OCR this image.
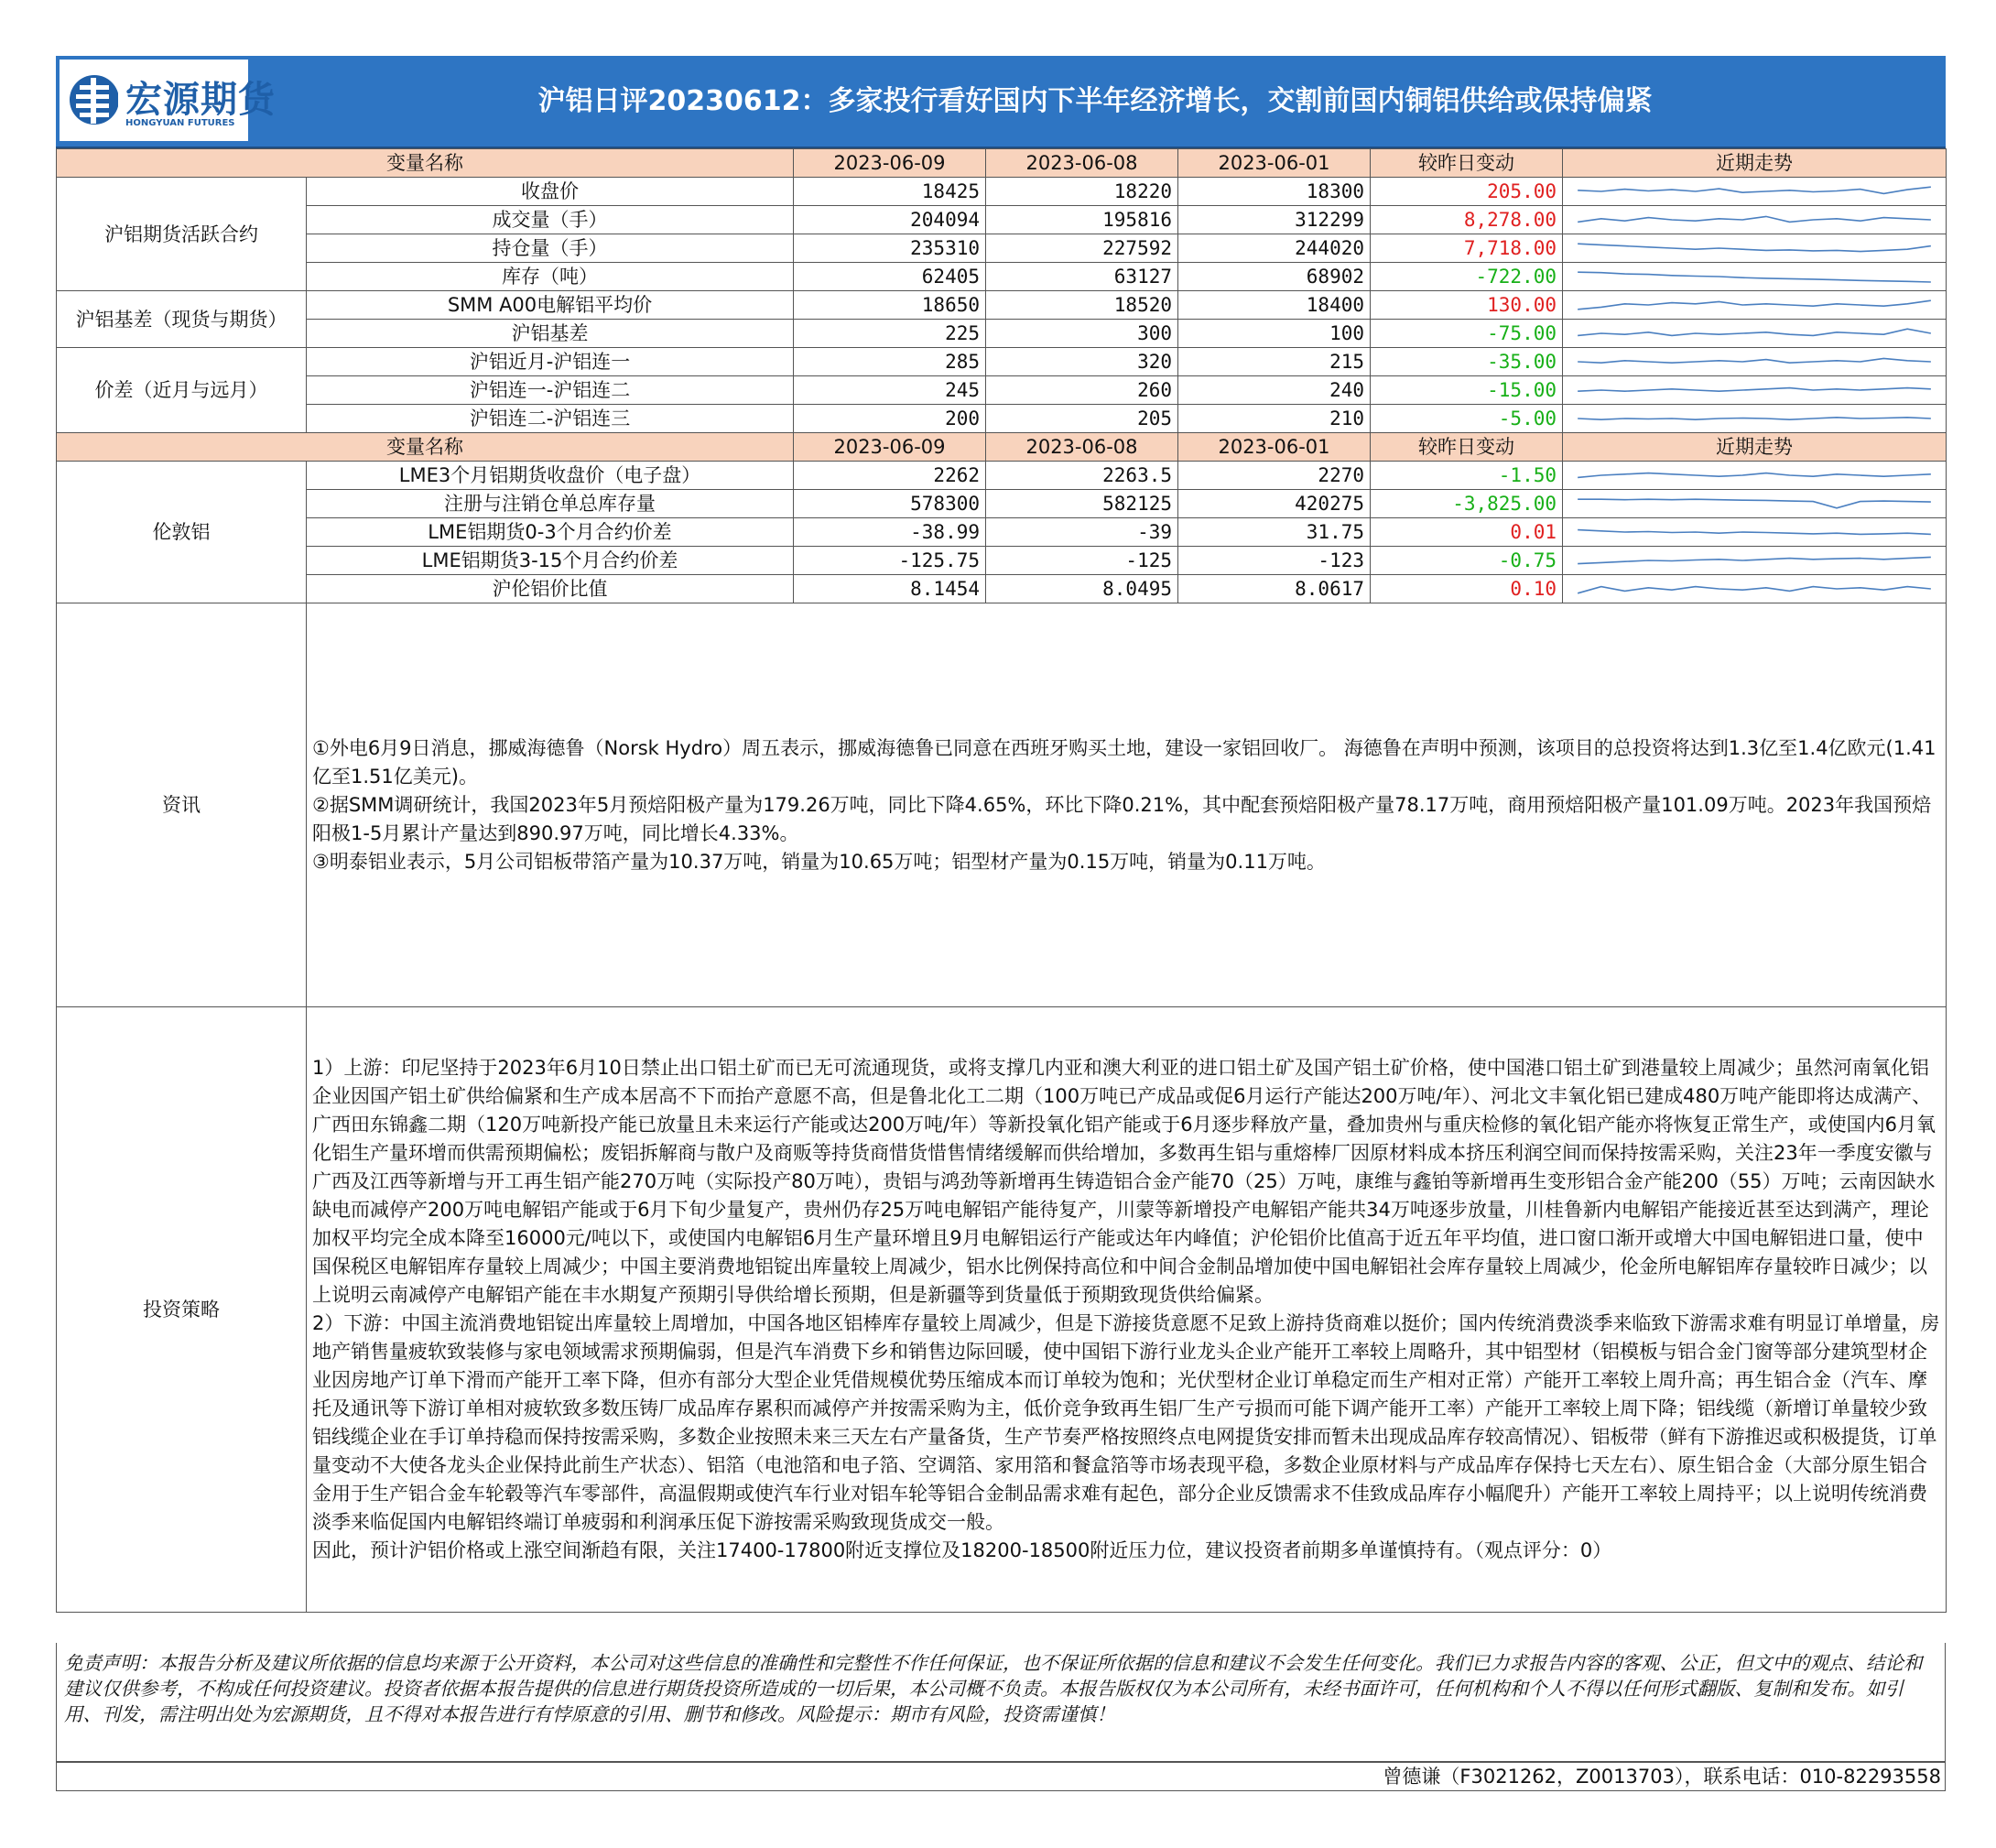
宏源期货
HONGYUAN FUTURES
沪铝日评20230612：多家投行看好国内下半年经济增长，交割前国内铜铝供给或保持偏紧
变量名称		2023-06-09	2023-06-08	2023-06-01	较昨日变动	近期走势
沪铝期货活跃合约	收盘价	18425	18220	18300	205.00	

	成交量（手）	204094	195816	312299	8,278.00	

	持仓量（手）	235310	227592	244020	7,718.00	

	库存（吨）	62405	63127	68902	-722.00	

沪铝基差（现货与期货）	SMM A00电解铝平均价	18650	18520	18400	130.00	

	沪铝基差	225	300	100	-75.00	

价差（近月与远月）	沪铝近月-沪铝连一	285	320	215	-35.00	

	沪铝连一-沪铝连二	245	260	240	-15.00	

	沪铝连二-沪铝连三	200	205	210	-5.00	

变量名称		2023-06-09	2023-06-08	2023-06-01	较昨日变动	近期走势
伦敦铝	LME3个月铝期货收盘价（电子盘）	2262	2263.5	2270	-1.50	

	注册与注销仓单总库存量	578300	582125	420275	-3,825.00	

	LME铝期货0-3个月合约价差	-38.99	-39	31.75	0.01	

	LME铝期货3-15个月合约价差	-125.75	-125	-123	-0.75	

	沪伦铝价比值	8.1454	8.0495	8.0617	0.10	

资讯	①外电6月9日消息，挪威海德鲁（Norsk Hydro）周五表示，挪威海德鲁已同意在西班牙购买土地，建设一家铝回收厂。 海德鲁在声明中预测，该项目的总投资将达到1.3亿至1.4亿欧元(1.41亿至1.51亿美元)。

②据SMM调研统计，我国2023年5月预焙阳极产量为179.26万吨，同比下降4.65%，环比下降0.21%，其中配套预焙阳极产量78.17万吨，商用预焙阳极产量101.09万吨。2023年我国预焙阳极1-5月累计产量达到890.97万吨，同比增长4.33%。

③明泰铝业表示，5月公司铝板带箔产量为10.37万吨，销量为10.65万吨；铝型材产量为0.15万吨，销量为0.11万吨。					

投资策略	1）上游：印尼坚持于2023年6月10日禁止出口铝土矿而已无可流通现货，或将支撑几内亚和澳大利亚的进口铝土矿及国产铝土矿价格，使中国港口铝土矿到港量较上周减少；虽然河南氧化铝企业因国产铝土矿供给偏紧和生产成本居高不下而抬产意愿不高，但是鲁北化工二期（100万吨已产成品或促6月运行产能达200万吨/年）、河北文丰氧化铝已建成480万吨产能即将达成满产、广西田东锦鑫二期（120万吨新投产能已放量且未来运行产能或达200万吨/年）等新投氧化铝产能或于6月逐步释放产量，叠加贵州与重庆检修的氧化铝产能亦将恢复正常生产，或使国内6月氧化铝生产量环增而供需预期偏松；废铝拆解商与散户及商贩等持货商惜货惜售情绪缓解而供给增加，多数再生铝与重熔棒厂因原材料成本挤压利润空间而保持按需采购，关注23年一季度安徽与广西及江西等新增与开工再生铝产能270万吨（实际投产80万吨），贵铝与鸿劲等新增再生铸造铝合金产能70（25）万吨，康维与鑫铂等新增再生变形铝合金产能200（55）万吨；云南因缺水缺电而减停产200万吨电解铝产能或于6月下旬少量复产，贵州仍存25万吨电解铝产能待复产，川蒙等新增投产电解铝产能共34万吨逐步放量，川桂鲁新内电解铝产能接近甚至达到满产，理论加权平均完全成本降至16000元/吨以下，或使国内电解铝6月生产量环增且9月电解铝运行产能或达年内峰值；沪伦铝价比值高于近五年平均值，进口窗口渐开或增大中国电解铝进口量，使中国保税区电解铝库存量较上周减少；中国主要消费地铝锭出库量较上周减少，铝水比例保持高位和中间合金制品增加使中国电解铝社会库存量较上周减少，伦金所电解铝库存量较昨日减少；以上说明云南减停产电解铝产能在丰水期复产预期引导供给增长预期，但是新疆等到货量低于预期致现货供给偏紧。

2）下游：中国主流消费地铝锭出库量较上周增加，中国各地区铝棒库存量较上周减少，但是下游接货意愿不足致上游持货商难以挺价；国内传统消费淡季来临致下游需求难有明显订单增量，房地产销售量疲软致装修与家电领域需求预期偏弱，但是汽车消费下乡和销售边际回暖，使中国铝下游行业龙头企业产能开工率较上周略升，其中铝型材（铝模板与铝合金门窗等部分建筑型材企业因房地产订单下滑而产能开工率下降，但亦有部分大型企业凭借规模优势压缩成本而订单较为饱和；光伏型材企业订单稳定而生产相对正常）产能开工率较上周升高；再生铝合金（汽车、摩托及通讯等下游订单相对疲软致多数压铸厂成品库存累积而减停产并按需采购为主，低价竞争致再生铝厂生产亏损而可能下调产能开工率）产能开工率较上周下降；铝线缆（新增订单量较少致铝线缆企业在手订单持稳而保持按需采购，多数企业按照未来三天左右产量备货，生产节奏严格按照终点电网提货安排而暂未出现成品库存较高情况）、铝板带（鲜有下游推迟或积极提货，订单量变动不大使各龙头企业保持此前生产状态）、铝箔（电池箔和电子箔、空调箔、家用箔和餐盒箔等市场表现平稳，多数企业原材料与产成品库存保持七天左右）、原生铝合金（大部分原生铝合金用于生产铝合金车轮毂等汽车零部件，高温假期或使汽车行业对铝车轮等铝合金制品需求难有起色，部分企业反馈需求不佳致成品库存小幅爬升）产能开工率较上周持平；以上说明传统消费淡季来临促国内电解铝终端订单疲弱和利润承压促下游按需采购致现货成交一般。

因此，预计沪铝价格或上涨空间渐趋有限，关注17400-17800附近支撑位及18200-18500附近压力位，建议投资者前期多单谨慎持有。（观点评分：0）					

免责声明：本报告分析及建议所依据的信息均来源于公开资料，本公司对这些信息的准确性和完整性不作任何保证，也不保证所依据的信息和建议不会发生任何变化。我们已力求报告内容的客观、公正，但文中的观点、结论和建议仅供参考，不构成任何投资建议。投资者依据本报告提供的信息进行期货投资所造成的一切后果，本公司概不负责。本报告版权仅为本公司所有，未经书面许可，任何机构和个人不得以任何形式翻版、复制和发布。如引用、刊发，需注明出处为宏源期货，且不得对本报告进行有悖原意的引用、删节和修改。风险提示：期市有风险，投资需谨慎！
曾德谦（F3021262，Z0013703），联系电话：010-82293558
